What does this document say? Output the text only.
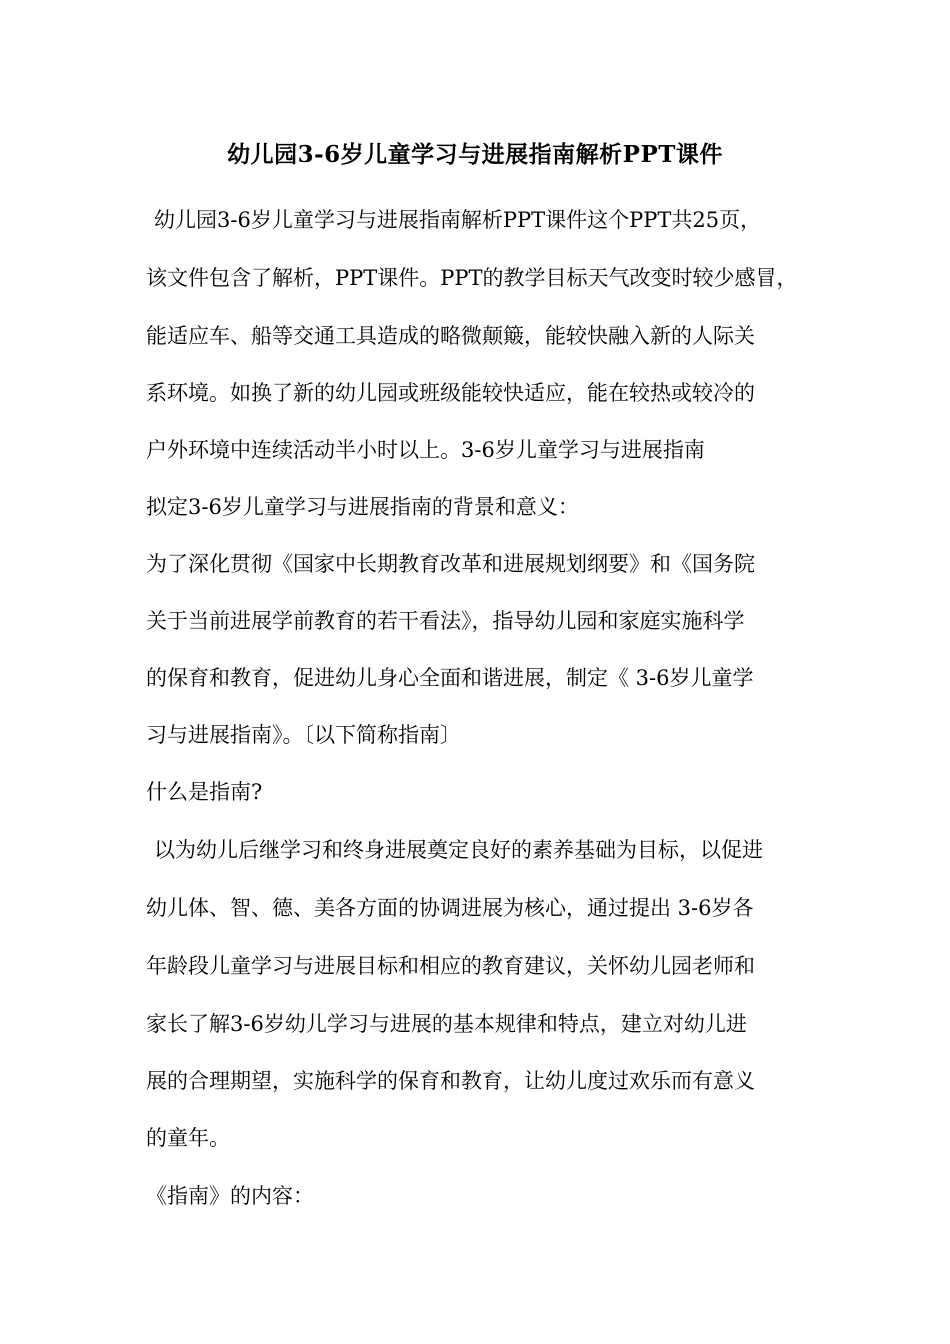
幼儿园3-6岁儿童学习与进展指南解析PPT课件
幼儿园3-6岁儿童学习与进展指南解析PPT课件这个PPT共25页，
该文件包含了解析，PPT课件。PPT的教学目标天气改变时较少感冒，
能适应车、船等交通工具造成的略微颠簸，能较快融入新的人际关
系环境。如换了新的幼儿园或班级能较快适应，能在较热或较冷的
户外环境中连续活动半小时以上。3-6岁儿童学习与进展指南
拟定3-6岁儿童学习与进展指南的背景和意义：
为了深化贯彻《国家中长期教育改革和进展规划纲要》和《国务院
关于当前进展学前教育的若干看法》，指导幼儿园和家庭实施科学
的保育和教育，促进幼儿身心全面和谐进展，制定《 3-6岁儿童学
习与进展指南》。〔以下简称指南〕
什么是指南?
以为幼儿后继学习和终身进展奠定良好的素养基础为目标，以促进
幼儿体、智、德、美各方面的协调进展为核心，通过提出 3-6岁各
年龄段儿童学习与进展目标和相应的教育建议，关怀幼儿园老师和
家长了解3-6岁幼儿学习与进展的基本规律和特点，建立对幼儿进
展的合理期望，实施科学的保育和教育，让幼儿度过欢乐而有意义
的童年。
《指南》的内容：
